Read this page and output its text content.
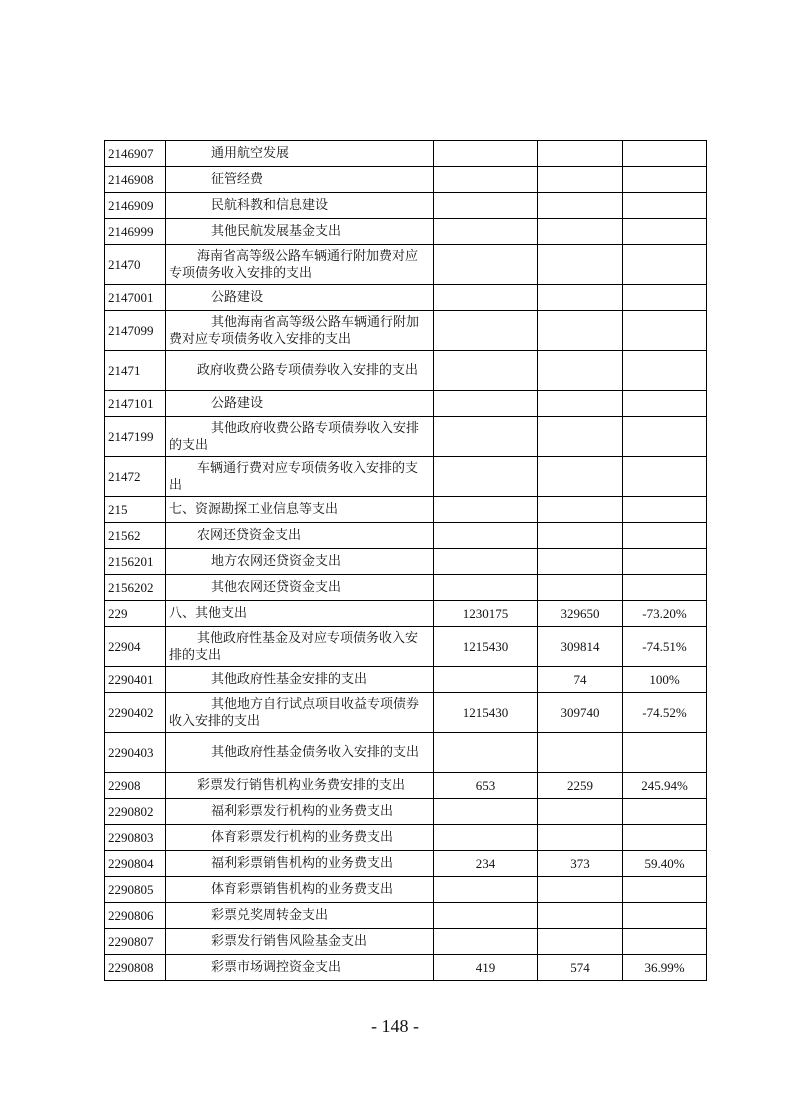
2146907	通用航空发展			

2146908	征管经费			

2146909	民航科教和信息建设			

2146999	其他民航发展基金支出			

21470	海南省高等级公路车辆通行附加费对应专项债务收入安排的支出			

2147001	公路建设			

2147099	其他海南省高等级公路车辆通行附加费对应专项债务收入安排的支出			

21471	政府收费公路专项债券收入安排的支出			

2147101	公路建设			

2147199	其他政府收费公路专项债券收入安排的支出			

21472	车辆通行费对应专项债务收入安排的支出			

215	七、资源勘探工业信息等支出			

21562	农网还贷资金支出			

2156201	地方农网还贷资金支出			

2156202	其他农网还贷资金支出			

229	八、其他支出	1230175	329650	-73.20%
22904	其他政府性基金及对应专项债务收入安排的支出	1215430	309814	-74.51%
2290401	其他政府性基金安排的支出		74	100%
2290402	其他地方自行试点项目收益专项债券收入安排的支出	1215430	309740	-74.52%
2290403	其他政府性基金债务收入安排的支出			

22908	彩票发行销售机构业务费安排的支出	653	2259	245.94%
2290802	福利彩票发行机构的业务费支出			

2290803	体育彩票发行机构的业务费支出			

2290804	福利彩票销售机构的业务费支出	234	373	59.40%
2290805	体育彩票销售机构的业务费支出			

2290806	彩票兑奖周转金支出			

2290807	彩票发行销售风险基金支出			

2290808	彩票市场调控资金支出	419	574	36.99%
- 148 -
